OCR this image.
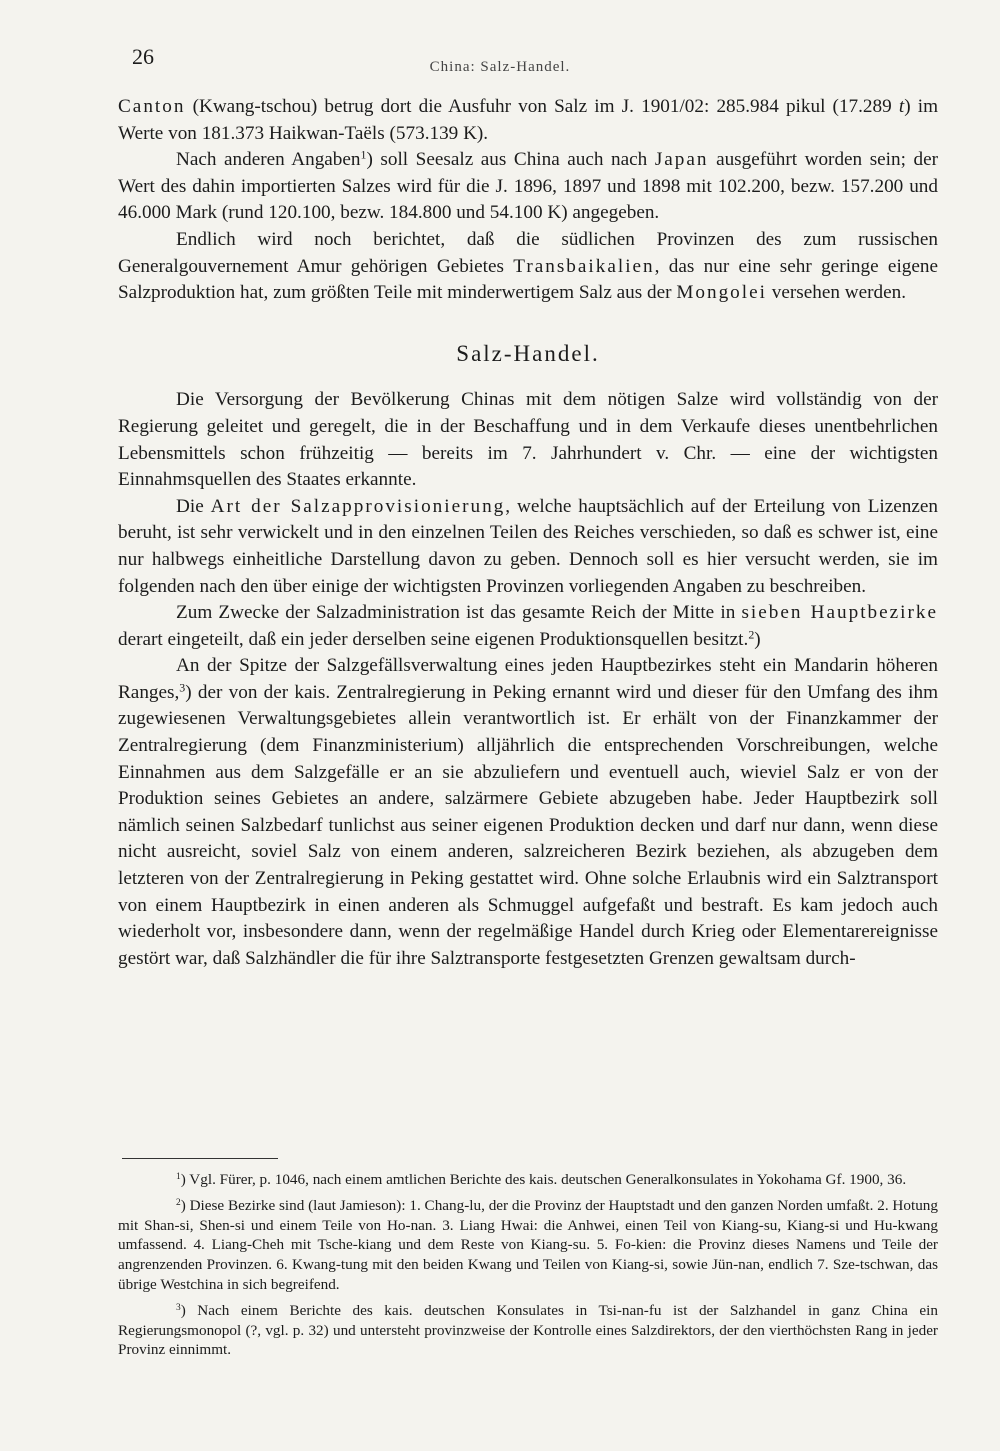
26	China: Salz-Handel.

Canton (Kwang-tschou) betrug dort die Ausfuhr von Salz im J. 1901/02: 285.984 pikul (17.289 t) im Werte von 181.373 Haikwan-Taëls (573.139 K).

Nach anderen Angaben$^1$) soll Seesalz aus China auch nach Japan ausgeführt worden sein; der Wert des dahin importierten Salzes wird für die J. 1896, 1897 und 1898 mit 102.200, bezw. 157.200 und 46.000 Mark (rund 120.100, bezw. 184.800 und 54.100 K) angegeben.

Endlich wird noch berichtet, daß die südlichen Provinzen des zum russischen Generalgouvernement Amur gehörigen Gebietes Transbaikalien, das nur eine sehr geringe eigene Salzproduktion hat, zum größten Teile mit minderwertigem Salz aus der Mongolei versehen werden.

Salz-Handel.

Die Versorgung der Bevölkerung Chinas mit dem nötigen Salze wird vollständig von der Regierung geleitet und geregelt, die in der Beschaffung und in dem Verkaufe dieses unentbehrlichen Lebensmittels schon frühzeitig — bereits im 7. Jahrhundert v. Chr. — eine der wichtigsten Einnahmsquellen des Staates erkannte.

Die Art der Salzapprovisionierung, welche hauptsächlich auf der Erteilung von Lizenzen beruht, ist sehr verwickelt und in den einzelnen Teilen des Reiches verschieden, so daß es schwer ist, eine nur halbwegs einheitliche Darstellung davon zu geben. Dennoch soll es hier versucht werden, sie im folgenden nach den über einige der wichtigsten Provinzen vorliegenden Angaben zu beschreiben.

Zum Zwecke der Salzadministration ist das gesamte Reich der Mitte in sieben Hauptbezirke derart eingeteilt, daß ein jeder derselben seine eigenen Produktionsquellen besitzt.$^2$)

An der Spitze der Salzgefällsverwaltung eines jeden Hauptbezirkes steht ein Mandarin höheren Ranges,$^3$) der von der kais. Zentralregierung in Peking ernannt wird und dieser für den Umfang des ihm zugewiesenen Verwaltungsgebietes allein verantwortlich ist. Er erhält von der Finanzkammer der Zentralregierung (dem Finanzministerium) alljährlich die entsprechenden Vorschreibungen, welche Einnahmen aus dem Salzgefälle er an sie abzuliefern und eventuell auch, wieviel Salz er von der Produktion seines Gebietes an andere, salzärmere Gebiete abzugeben habe. Jeder Hauptbezirk soll nämlich seinen Salzbedarf tunlichst aus seiner eigenen Produktion decken und darf nur dann, wenn diese nicht ausreicht, soviel Salz von einem anderen, salzreicheren Bezirk beziehen, als abzugeben dem letzteren von der Zentralregierung in Peking gestattet wird. Ohne solche Erlaubnis wird ein Salztransport von einem Hauptbezirk in einen anderen als Schmuggel aufgefaßt und bestraft. Es kam jedoch auch wiederholt vor, insbesondere dann, wenn der regelmäßige Handel durch Krieg oder Elementarereignisse gestört war, daß Salzhändler die für ihre Salztransporte festgesetzten Grenzen gewaltsam durch-

$^1$) Vgl. Fürer, p. 1046, nach einem amtlichen Berichte des kais. deutschen Generalkonsulates in Yokohama Gf. 1900, 36.

$^2$) Diese Bezirke sind (laut Jamieson): 1. Chang-lu, der die Provinz der Hauptstadt und den ganzen Norden umfaßt. 2. Hotung mit Shan-si, Shen-si und einem Teile von Ho-nan. 3. Liang Hwai: die Anhwei, einen Teil von Kiang-su, Kiang-si und Hu-kwang umfassend. 4. Liang-Cheh mit Tsche-kiang und dem Reste von Kiang-su. 5. Fo-kien: die Provinz dieses Namens und Teile der angrenzenden Provinzen. 6. Kwang-tung mit den beiden Kwang und Teilen von Kiang-si, sowie Jün-nan, endlich 7. Sze-tschwan, das übrige Westchina in sich begreifend.

$^3$) Nach einem Berichte des kais. deutschen Konsulates in Tsi-nan-fu ist der Salzhandel in ganz China ein Regierungsmonopol (?, vgl. p. 32) und untersteht provinzweise der Kontrolle eines Salzdirektors, der den vierthöchsten Rang in jeder Provinz einnimmt.
